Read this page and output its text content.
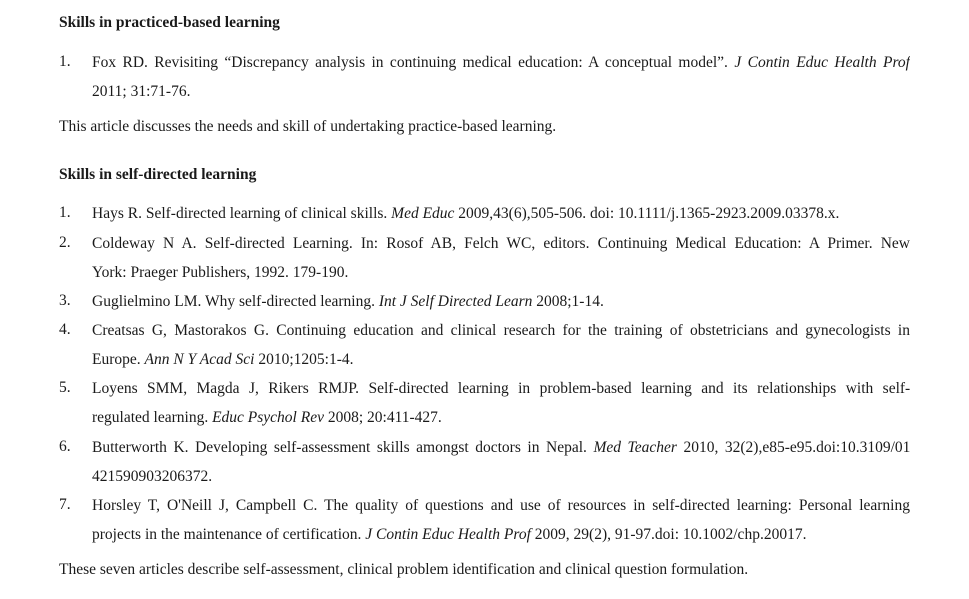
Skills in practiced-based learning
1. Fox RD. Revisiting “Discrepancy analysis in continuing medical education: A conceptual model”. J Contin Educ Health Prof
2011; 31:71-76.
This article discusses the needs and skill of undertaking practice-based learning.
Skills in self-directed learning
1. Hays R. Self-directed learning of clinical skills. Med Educ 2009,43(6),505-506. doi: 10.1111/j.1365-2923.2009.03378.x.
2. Coldeway N A. Self-directed Learning. In: Rosof AB, Felch WC, editors. Continuing Medical Education: A Primer. New
York: Praeger Publishers, 1992. 179-190.
3. Guglielmino LM. Why self-directed learning. Int J Self Directed Learn 2008;1-14.
4. Creatsas G, Mastorakos G. Continuing education and clinical research for the training of obstetricians and gynecologists in
Europe. Ann N Y Acad Sci 2010;1205:1-4.
5. Loyens SMM, Magda J, Rikers RMJP. Self-directed learning in problem-based learning and its relationships with self-
regulated learning. Educ Psychol Rev 2008; 20:411-427.
6. Butterworth K. Developing self-assessment skills amongst doctors in Nepal. Med Teacher 2010, 32(2),e85-e95.doi:10.3109/01
421590903206372.
7. Horsley T, O'Neill J, Campbell C. The quality of questions and use of resources in self-directed learning: Personal learning
projects in the maintenance of certification. J Contin Educ Health Prof 2009, 29(2), 91-97.doi: 10.1002/chp.20017.
These seven articles describe self-assessment, clinical problem identification and clinical question formulation.
